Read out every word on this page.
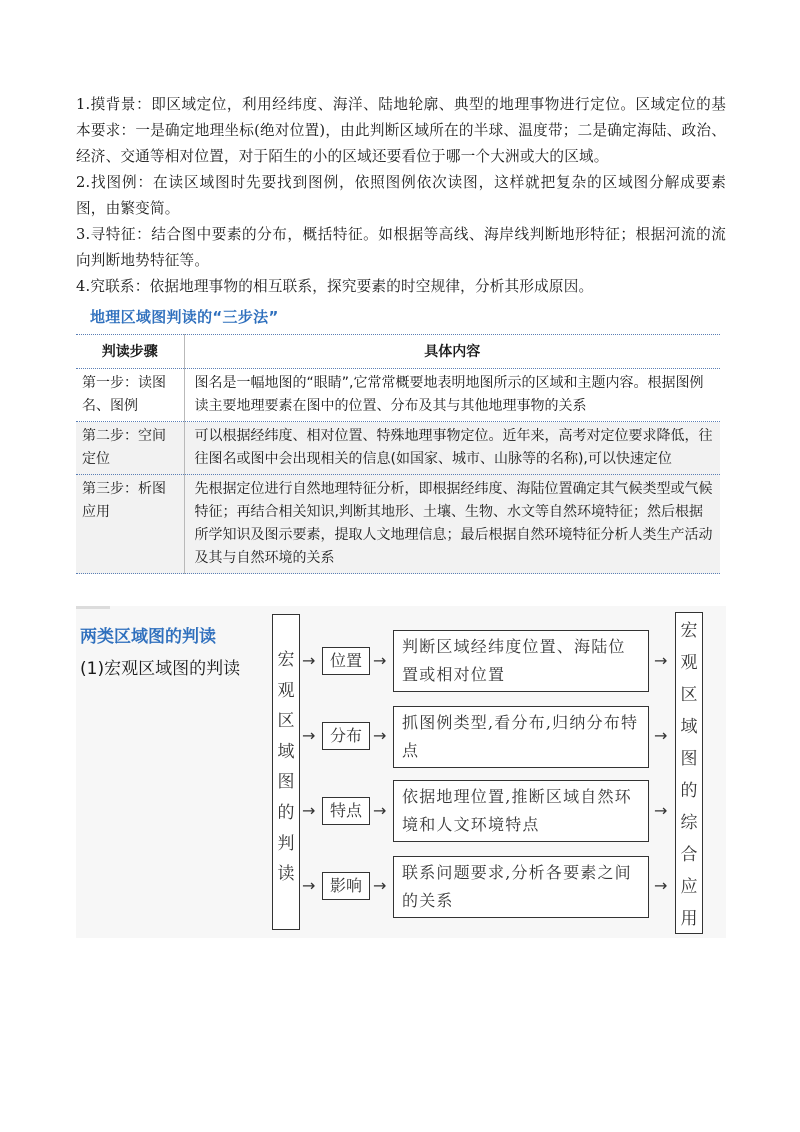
1.摸背景：即区域定位，利用经纬度、海洋、陆地轮廓、典型的地理事物进行定位。区域定位的基本要求：一是确定地理坐标(绝对位置)，由此判断区域所在的半球、温度带；二是确定海陆、政治、经济、交通等相对位置，对于陌生的小的区域还要看位于哪一个大洲或大的区域。
2.找图例：在读区域图时先要找到图例，依照图例依次读图，这样就把复杂的区域图分解成要素图，由繁变简。
3.寻特征：结合图中要素的分布，概括特征。如根据等高线、海岸线判断地形特征；根据河流的流向判断地势特征等。
4.究联系：依据地理事物的相互联系，探究要素的时空规律，分析其形成原因。
地理区域图判读的“三步法”
判读步骤	具体内容
第一步：读图名、图例	图名是一幅地图的“眼睛”,它常常概要地表明地图所示的区域和主题内容。根据图例读主要地理要素在图中的位置、分布及其与其他地理事物的关系
第二步：空间定位	可以根据经纬度、相对位置、特殊地理事物定位。近年来，高考对定位要求降低，往往图名或图中会出现相关的信息(如国家、城市、山脉等的名称),可以快速定位
第三步：析图应用	先根据定位进行自然地理特征分析，即根据经纬度、海陆位置确定其气候类型或气候特征；再结合相关知识,判断其地形、土壤、生物、水文等自然环境特征；然后根据所学知识及图示要素，提取人文地理信息；最后根据自然环境特征分析人类生产活动及其与自然环境的关系
两类区域图的判读
(1)宏观区域图的判读 宏
观
区
域
图
的
判
读
宏
观
区
域
图
的
综
合
应
用
→ 位置 →
判断区域经纬度位置、海陆位置或相对位置
→
→ 分布 →
抓图例类型,看分布,归纳分布特点
→
→ 特点 →
依据地理位置,推断区域自然环境和人文环境特点
→
→ 影响 →
联系问题要求,分析各要素之间的关系
→
